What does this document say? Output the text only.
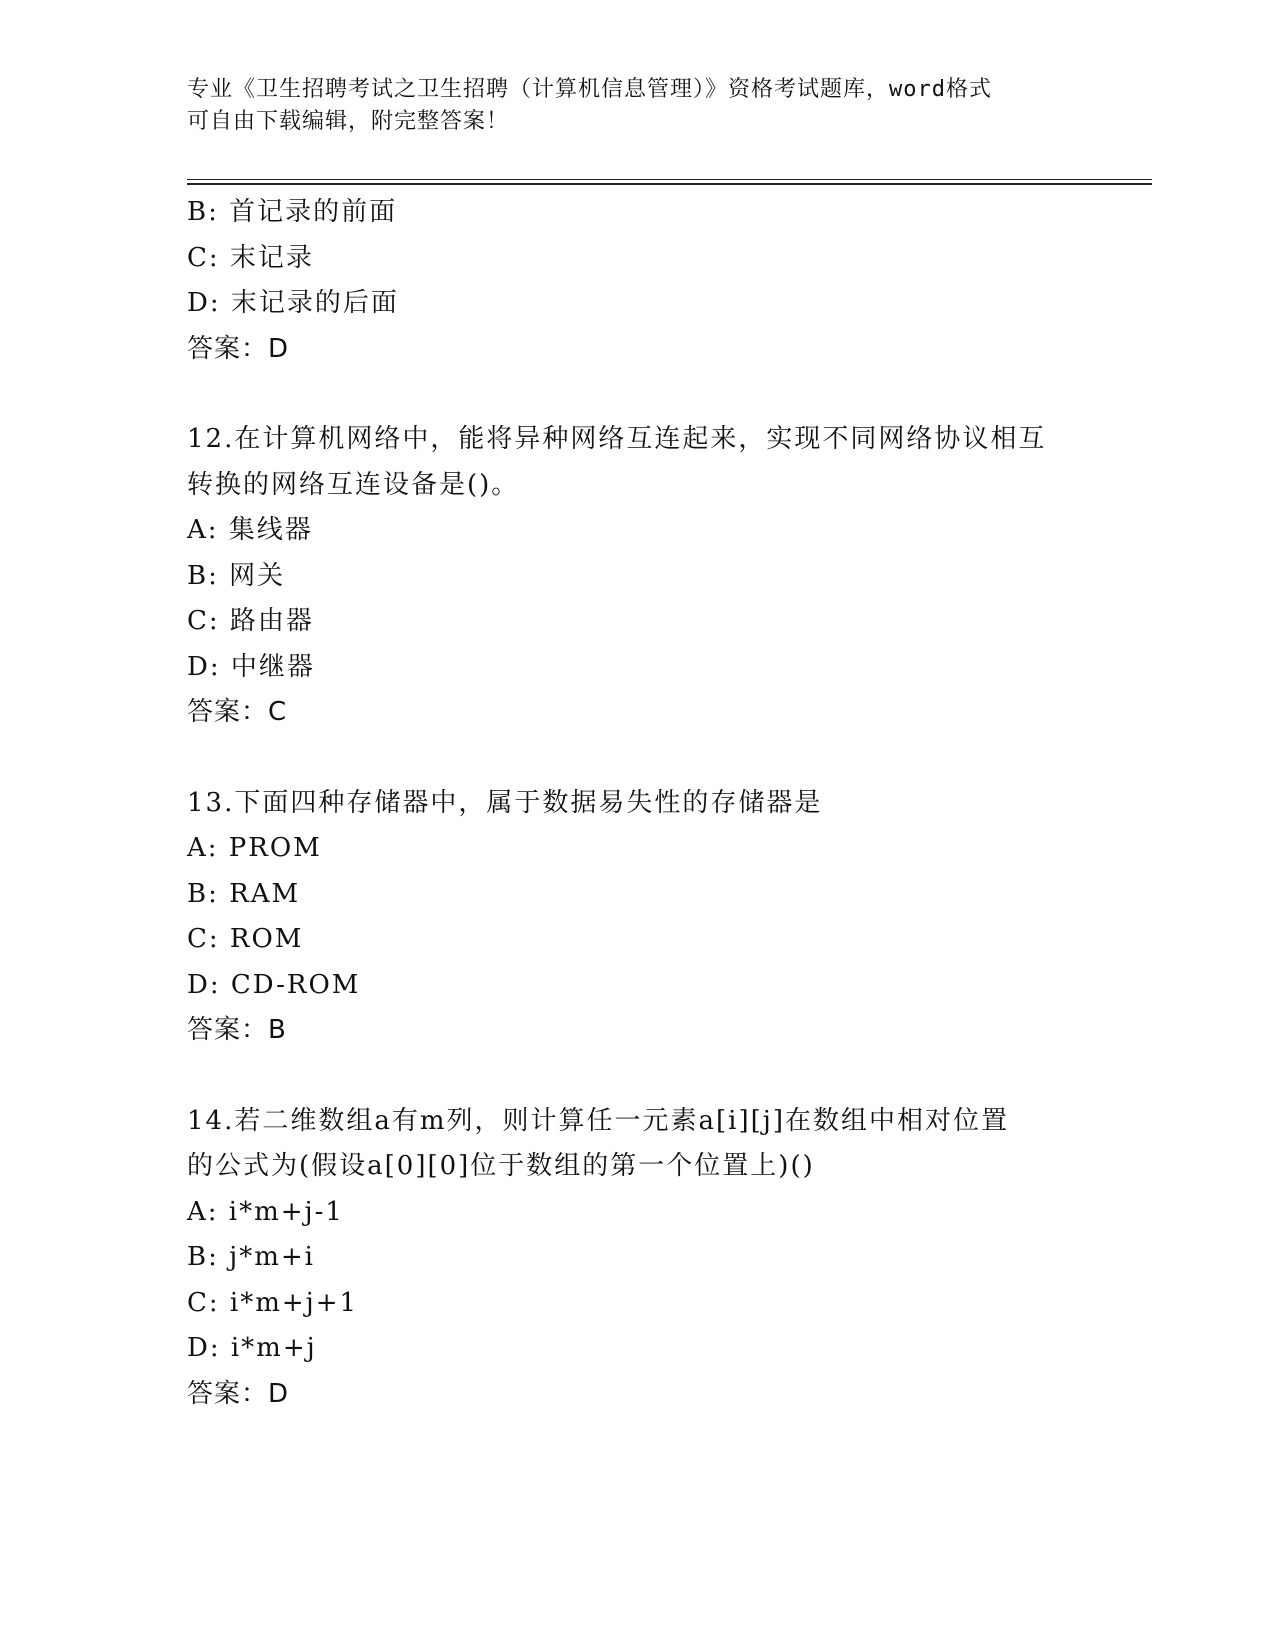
专业《卫生招聘考试之卫生招聘（计算机信息管理）》资格考试题库，word格式
可自由下载编辑，附完整答案！
B: 首记录的前面
C: 末记录
D: 末记录的后面
答案：D
12.在计算机网络中，能将异种网络互连起来，实现不同网络协议相互
转换的网络互连设备是()。
A: 集线器
B: 网关
C: 路由器
D: 中继器
答案：C
13.下面四种存储器中，属于数据易失性的存储器是
A: PROM
B: RAM
C: ROM
D: CD-ROM
答案：B
14.若二维数组a有m列，则计算任一元素a[i][j]在数组中相对位置
的公式为(假设a[0][0]位于数组的第一个位置上)()
A: i*m+j-1
B: j*m+i
C: i*m+j+1
D: i*m+j
答案：D
